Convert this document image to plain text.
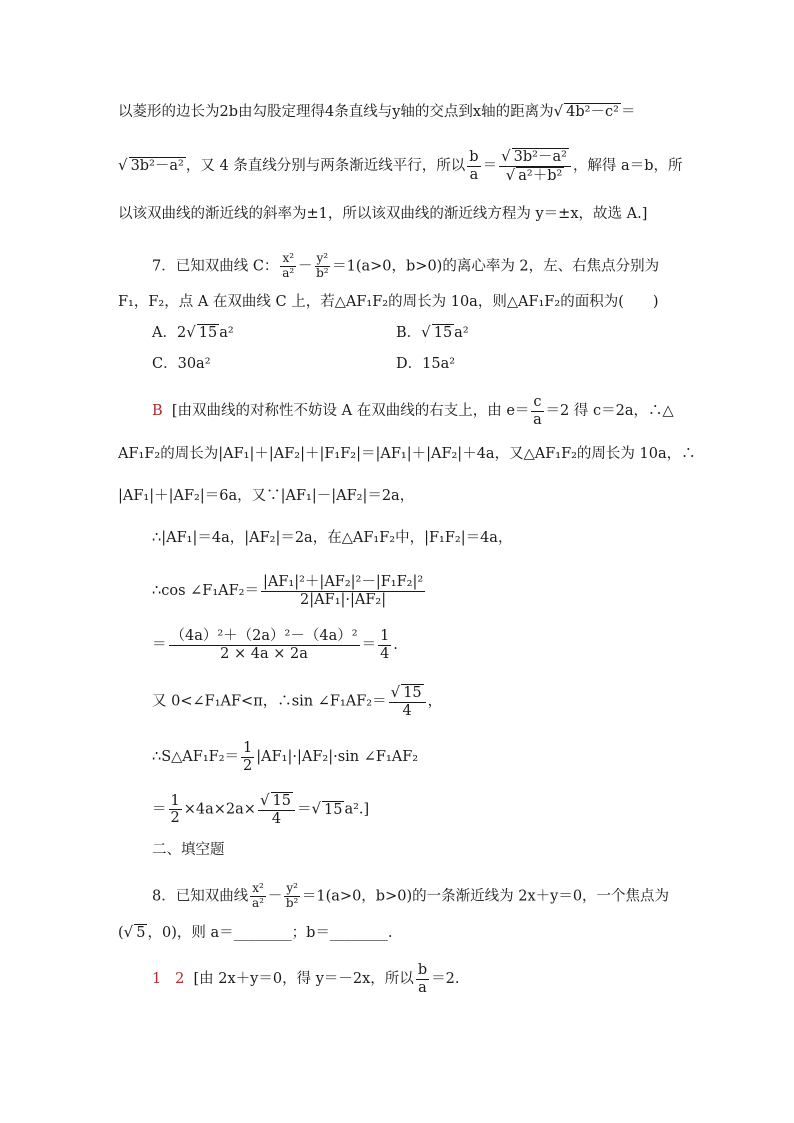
以菱形的边长为2b由勾股定理得4条直线与y轴的交点到x轴的距离为√ 4b²－c² ＝
√ 3b²－a² ，又 4 条直线分别与两条渐近线平行，所以 $\frac{b}{a} = \frac{\text{√ 3b²－a²}}{\text{√ a²＋b²}}$ ，解得 a＝b，所
以该双曲线的渐近线的斜率为±1，所以该双曲线的渐近线方程为 y＝±x，故选 A.]
7．已知双曲线 C： $\frac{\text{x²}}{\text{a²}} - \frac{\text{y²}}{\text{b²}} =1(a>0$，b>0)的离心率为 2，左、右焦点分别为
F₁，F₂，点 A 在双曲线 C 上，若△AF₁F₂的周长为 10a，则△AF₁F₂的面积为(　　)
A．2√ 15 a²	B．√ 15 a²
C．30a²	D．15a²
B [由双曲线的对称性不妨设 A 在双曲线的右支上，由 $e= \frac{c}{a} =2$ 得 c＝2a，∴△
AF₁F₂的周长为|AF₁|＋|AF₂|＋|F₁F₂|＝|AF₁|＋|AF₂|＋4a，又△AF₁F₂的周长为 10a，∴
|AF₁|＋|AF₂|＝6a，又∵|AF₁|－|AF₂|＝2a，
∴|AF₁|＝4a，|AF₂|＝2a，在△AF₁F₂中，|F₁F₂|＝4a，
∴cos ∠F₁AF₂＝ $\frac{\text{|AF₁|²＋|AF₂|²－|F₁F₂|²}}{\text{2|AF₁|·|AF₂|}}$
＝ $\frac{\text{（4a）²＋（2a）²－（4a）²}}{2 \times 4a \times 2a} = \frac{1}{4}$ .
又 0<∠F₁AF<π，∴sin ∠F₁AF₂＝ $\frac{√ 15}{4}$ ，
∴S△AF₁F₂＝ $\frac{1}{2} |AF_1|\cdot|AF_2|\cdot\sin$ ∠F₁AF₂
＝ $\frac{1}{2} \times 4a\times 2a\times \frac{√ 15}{4}$ ＝√ 15 a².]
二、填空题
8．已知双曲线 $\frac{\text{x²}}{\text{a²}} - \frac{\text{y²}}{\text{b²}} =1(a>0$，b>0)的一条渐近线为 2x＋y＝0，一个焦点为
(√ 5 ，0)，则 a＝________；b＝________.
1 2 [由 2x＋y＝0，得 y＝－2x，所以 $\frac{b}{a} =2$.
